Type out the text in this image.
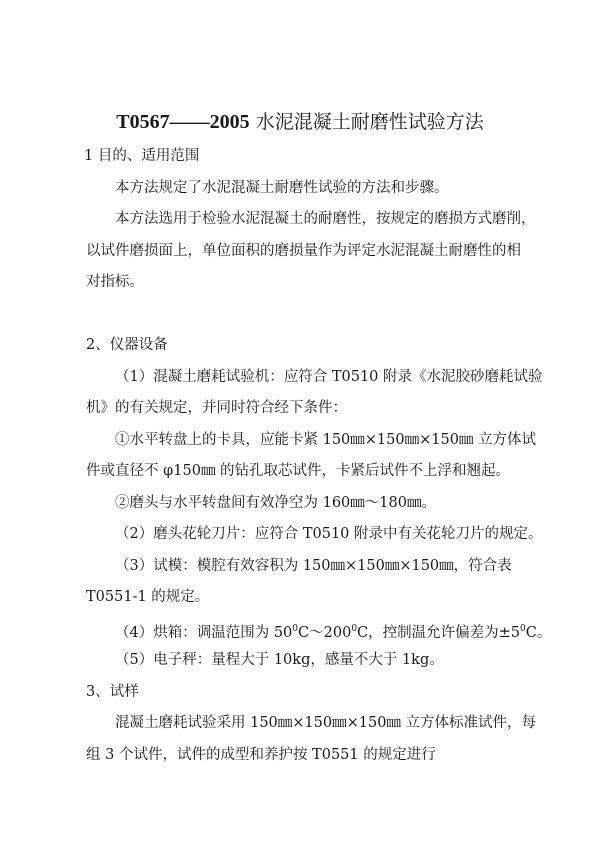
T0567——2005 水泥混凝土耐磨性试验方法
1 目的、适用范围
本方法规定了水泥混凝土耐磨性试验的方法和步骤。
本方法选用于检验水泥混凝土的耐磨性，按规定的磨损方式磨削，
以试件磨损面上，单位面积的磨损量作为评定水泥混凝土耐磨性的相
对指标。
2、仪器设备
（1）混凝土磨耗试验机：应符合 T0510 附录《水泥胶砂磨耗试验
机》的有关规定，并同时符合经下条件：
①水平转盘上的卡具，应能卡紧 150㎜×150㎜×150㎜ 立方体试
件或直径不 φ150㎜ 的钻孔取芯试件，卡紧后试件不上浮和翘起。
②磨头与水平转盘间有效净空为 160㎜～180㎜。
（2）磨头花轮刀片：应符合 T0510 附录中有关花轮刀片的规定。
（3）试模：模腔有效容积为 150㎜×150㎜×150㎜，符合表
T0551-1 的规定。
（4）烘箱：调温范围为 $50^0C\sim 200^0C$，控制温允许偏差为$\pm 5^0C$。
（5）电子秤：量程大于 10kg，感量不大于 1kg。
3、试样
混凝土磨耗试验采用 150㎜×150㎜×150㎜ 立方体标准试件，每
组 3 个试件，试件的成型和养护按 T0551 的规定进行
